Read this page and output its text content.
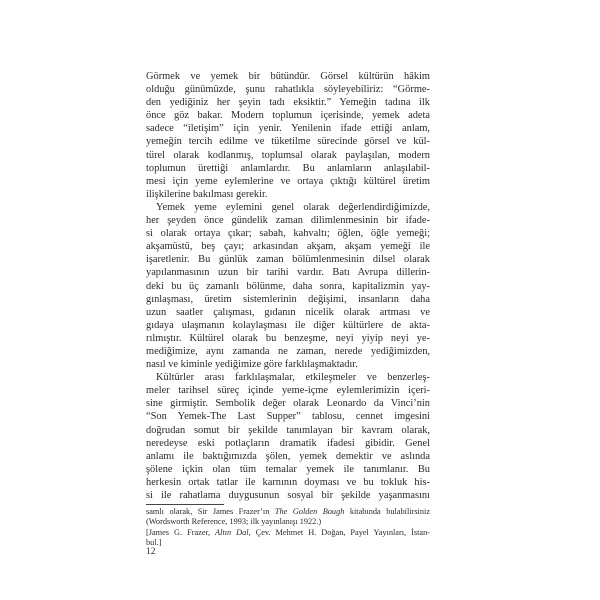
Görmek ve yemek bir bütündür. Görsel kültürün hâkim
olduğu günümüzde, şunu rahatlıkla söyleyebiliriz: “Görme-
den yediğiniz her şeyin tadı eksiktir.” Yemeğin tadına ilk
önce göz bakar. Modern toplumun içerisinde, yemek adeta
sadece “iletişim” için yenir. Yenilenin ifade ettiği anlam,
yemeğin tercih edilme ve tüketilme sürecinde görsel ve kül-
türel olarak kodlanmış, toplumsal olarak paylaşılan, modern
toplumun ürettiği anlamlardır. Bu anlamların anlaşılabil-
mesi için yeme eylemlerine ve ortaya çıktığı kültürel üretim
ilişkilerine bakılması gerekir.
Yemek yeme eylemini genel olarak değerlendirdiğimizde,
her şeyden önce gündelik zaman dilimlenmesinin bir ifade-
si olarak ortaya çıkar; sabah, kahvaltı; öğlen, öğle yemeği;
akşamüstü, beş çayı; arkasından akşam, akşam yemeği ile
işaretlenir. Bu günlük zaman bölümlenmesinin dilsel olarak
yapılanmasının uzun bir tarihi vardır. Batı Avrupa dillerin-
deki bu üç zamanlı bölünme, daha sonra, kapitalizmin yay-
gınlaşması, üretim sistemlerinin değişimi, insanların daha
uzun saatler çalışması, gıdanın nicelik olarak artması ve
gıdaya ulaşmanın kolaylaşması ile diğer kültürlere de akta-
rılmıştır. Kültürel olarak bu benzeşme, neyi yiyip neyi ye-
mediğimize, aynı zamanda ne zaman, nerede yediğimizden,
nasıl ve kiminle yediğimize göre farklılaşmaktadır.
Kültürler arası farklılaşmalar, etkileşmeler ve benzerleş-
meler tarihsel süreç içinde yeme-içme eylemlerimizin içeri-
sine girmiştir. Sembolik değer olarak Leonardo da Vinci’nin
“Son Yemek-The Last Supper” tablosu, cennet imgesini
doğrudan somut bir şekilde tanımlayan bir kavram olarak,
neredeyse eski potlaçların dramatik ifadesi gibidir. Genel
anlamı ile baktığımızda şölen, yemek demektir ve aslında
şölene içkin olan tüm temalar yemek ile tanımlanır. Bu
herkesin ortak tatlar ile karnının doyması ve bu tokluk his-
si ile rahatlama duygusunun sosyal bir şekilde yaşanmasını
samlı olarak, Sir James Frazer’ın The Golden Bough kitabında bulabilirsiniz
(Wordsworth Reference, 1993; ilk yayınlanışı 1922.)
[James G. Frazer, Altın Dal, Çev. Mehmet H. Doğan, Payel Yayınları, İstan-
bul.]
12
